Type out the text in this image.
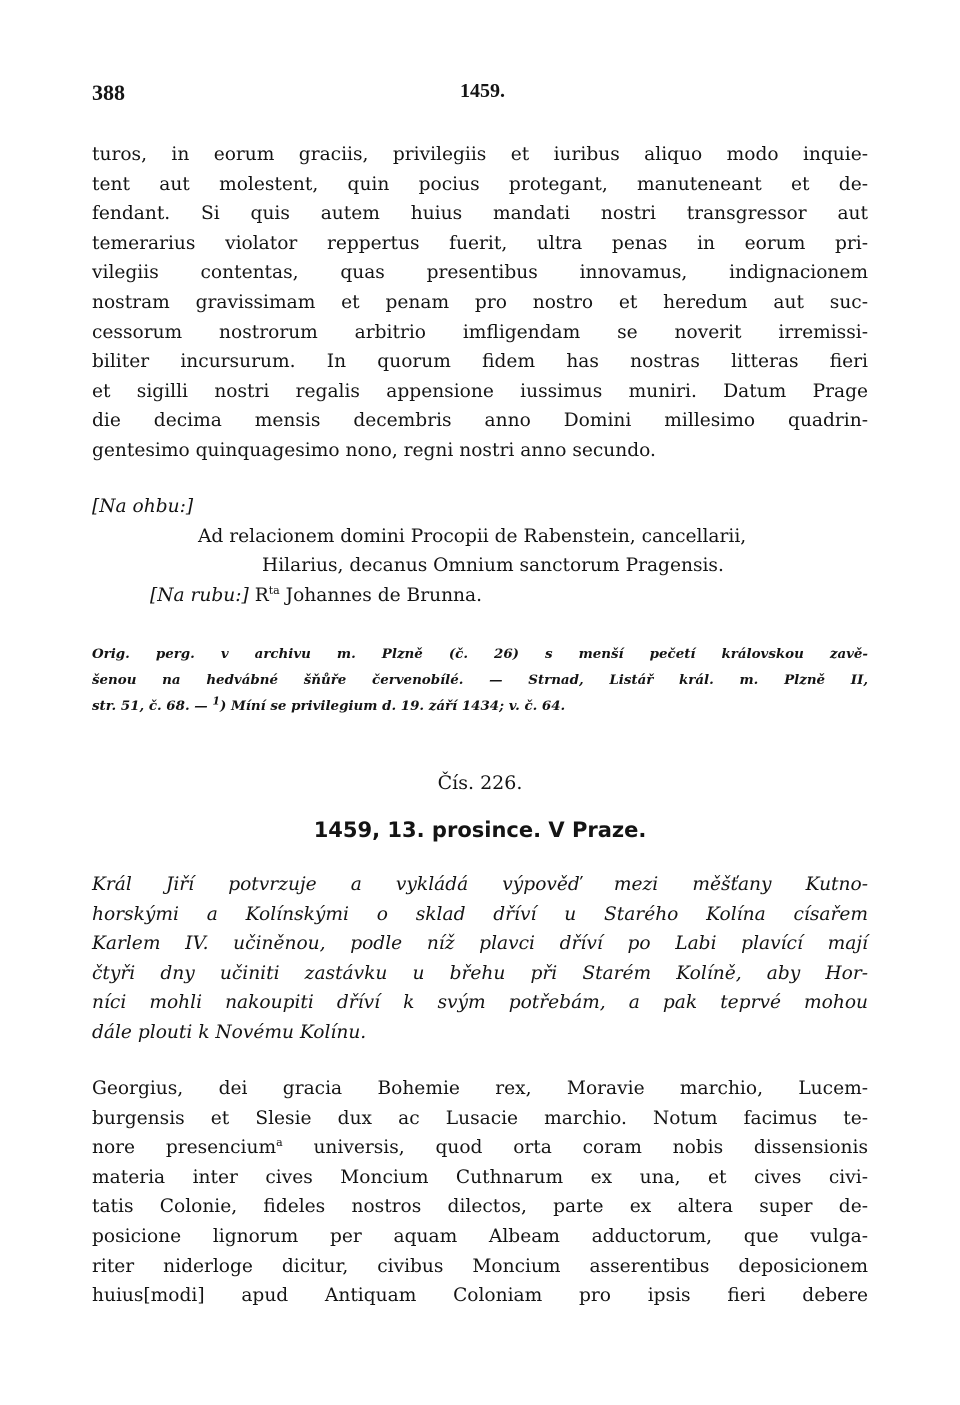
388	1459.
turos, in eorum graciis, privilegiis et iuribus aliquo modo inquie-
tent aut molestent, quin pocius protegant, manuteneant et de-
fendant. Si quis autem huius mandati nostri transgressor aut
temerarius violator reppertus fuerit, ultra penas in eorum pri-
vilegiis contentas, quas presentibus innovamus, indignacionem
nostram gravissimam et penam pro nostro et heredum aut suc-
cessorum nostrorum arbitrio imfligendam se noverit irremissi-
biliter incursurum. In quorum fidem has nostras litteras fieri
et sigilli nostri regalis appensione iussimus muniri. Datum Prage
die decima mensis decembris anno Domini millesimo quadrin-
gentesimo quinquagesimo nono, regni nostri anno secundo.
[Na ohbu:]
Ad relacionem domini Procopii de Rabenstein, cancellarii,
Hilarius, decanus Omnium sanctorum Pragensis.
[Na rubu:] $R^{ta}$ Johannes de Brunna.
Orig. perg. v archivu m. Plzně (č. 26) s menší pečetí královskou zavě-
šenou na hedvábné šňůře červenobílé. — Strnad, Listář král. m. Plzně II,
str. 51, č. 68. — $^1$) Míní se privilegium d. 19. září 1434; v. č. 64.
Čís. 226.
1459, 13. prosince. V Praze.
Král Jiří potvrzuje a vykládá výpověď mezi měšťany Kutno-
horskými a Kolínskými o sklad dříví u Starého Kolína císařem
Karlem IV. učiněnou, podle níž plavci dříví po Labi plavící mají
čtyři dny učiniti zastávku u břehu při Starém Kolíně, aby Hor-
níci mohli nakoupiti dříví k svým potřebám, a pak teprvé mohou
dále plouti k Novému Kolínu.
Georgius, dei gracia Bohemie rex, Moravie marchio, Lucem-
burgensis et Slesie dux ac Lusacie marchio. Notum facimus te-
nore presencium$^a$ universis, quod orta coram nobis dissensionis
materia inter cives Moncium Cuthnarum ex una, et cives civi-
tatis Colonie, fideles nostros dilectos, parte ex altera super de-
posicione lignorum per aquam Albeam adductorum, que vulga-
riter niderloge dicitur, civibus Moncium asserentibus deposicionem
huius[modi] apud Antiquam Coloniam pro ipsis fieri debere
